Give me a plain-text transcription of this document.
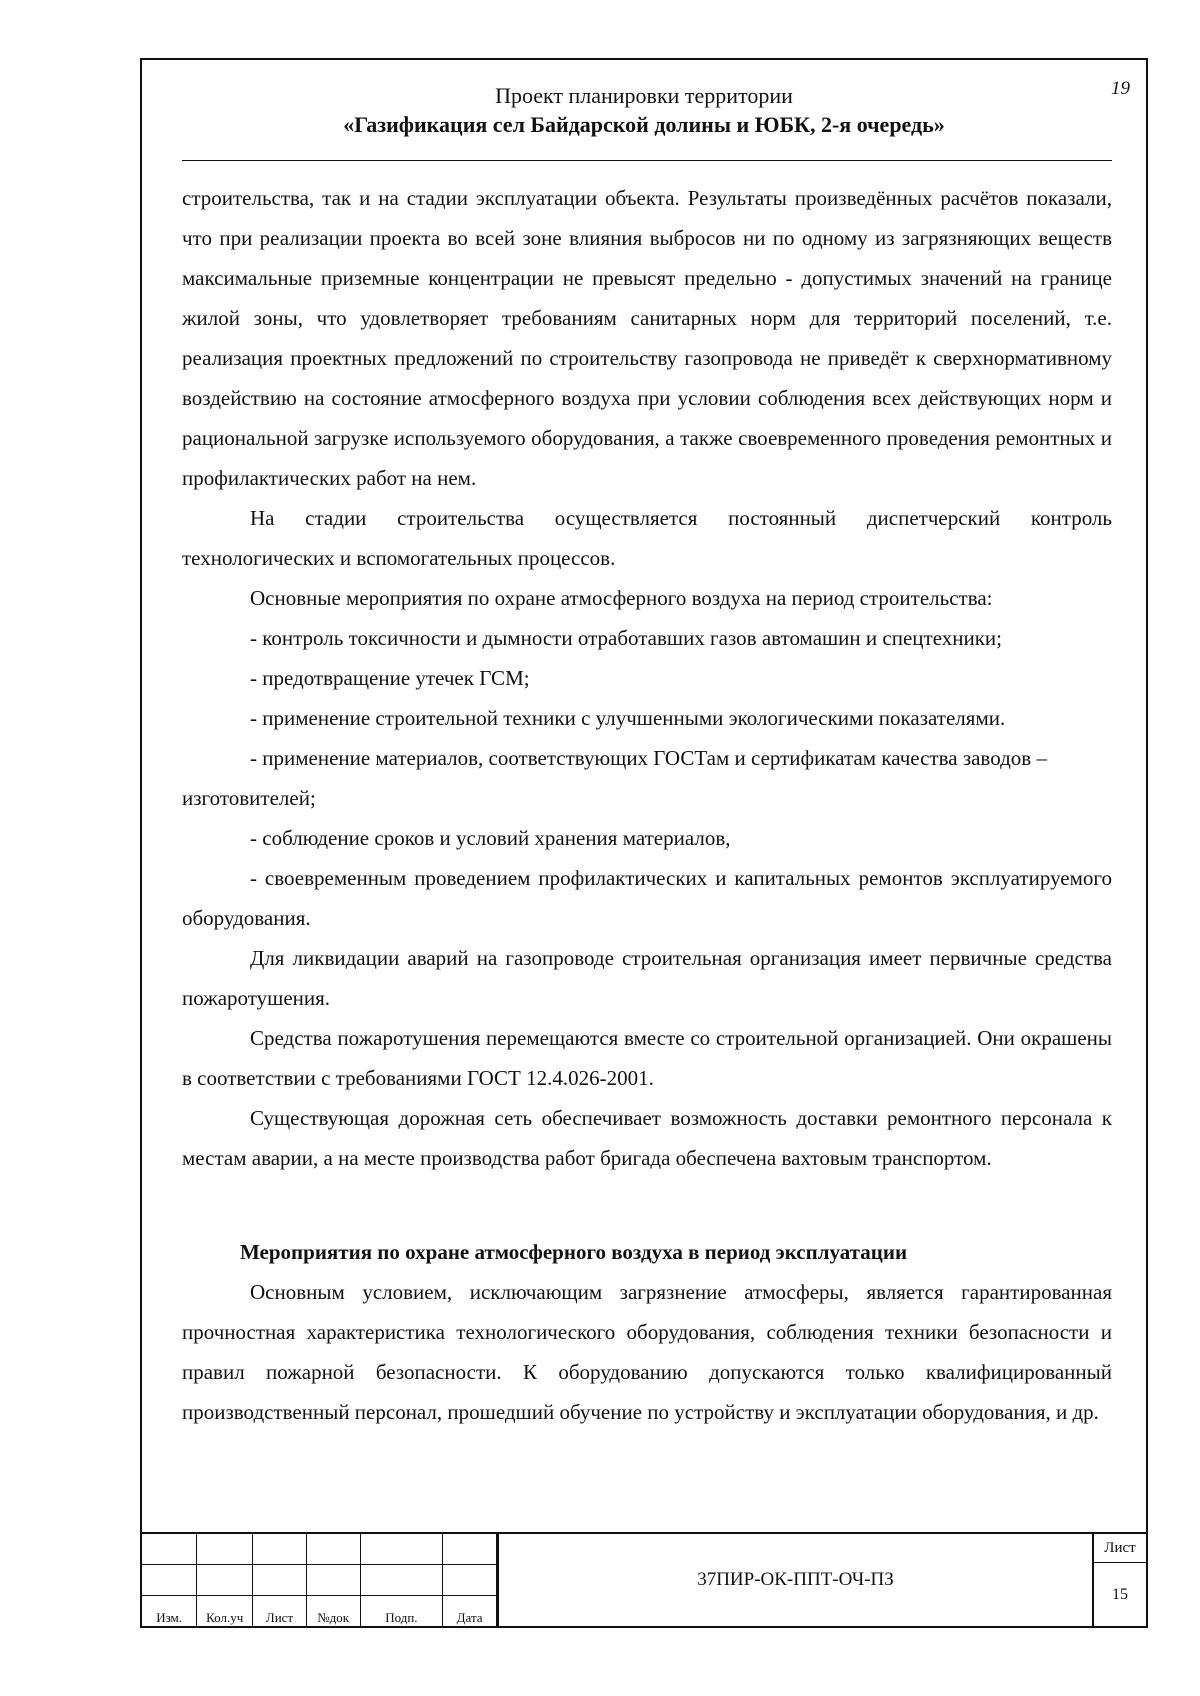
19
Проект планировки территории
«Газификация сел Байдарской долины и ЮБК, 2-я очередь»

строительства, так и на стадии эксплуатации объекта. Результаты произведённых расчётов показали, что при реализации проекта во всей зоне влияния выбросов ни по одному из загрязняющих веществ максимальные приземные концентрации не превысят предельно - допустимых значений на границе жилой зоны, что удовлетворяет требованиям санитарных норм для территорий поселений, т.е. реализация проектных предложений по строительству газопровода не приведёт к сверхнормативному воздействию на состояние атмосферного воздуха при условии соблюдения всех действующих норм и рациональной загрузке используемого оборудования, а также своевременного проведения ремонтных и профилактических работ на нем.

На стадии строительства осуществляется постоянный диспетчерский контроль технологических и вспомогательных процессов.

Основные мероприятия по охране атмосферного воздуха на период строительства:

- контроль токсичности и дымности отработавших газов автомашин и спецтехники;

- предотвращение утечек ГСМ;

- применение строительной техники с улучшенными экологическими показателями.

- применение материалов, соответствующих ГОСТам и сертификатам качества заводов – изготовителей;

- соблюдение сроков и условий хранения материалов,

- своевременным проведением профилактических и капитальных ремонтов эксплуатируемого оборудования.

Для ликвидации аварий на газопроводе строительная организация имеет первичные средства пожаротушения.

Средства пожаротушения перемещаются вместе со строительной организацией. Они окрашены в соответствии с требованиями ГОСТ 12.4.026-2001.

Существующая дорожная сеть обеспечивает возможность доставки ремонтного персонала к местам аварии, а на месте производства работ бригада обеспечена вахтовым транспортом.

Мероприятия по охране атмосферного воздуха в период эксплуатации

Основным условием, исключающим загрязнение атмосферы, является гарантированная прочностная характеристика технологического оборудования, соблюдения техники безопасности и правил пожарной безопасности. К оборудованию допускаются только квалифицированный производственный персонал, прошедший обучение по устройству и эксплуатации оборудования, и др.

Изм.	Кол.уч	Лист	№док	Подп.	Дата
37ПИР-ОК-ППТ-ОЧ-ПЗ
Лист
15
